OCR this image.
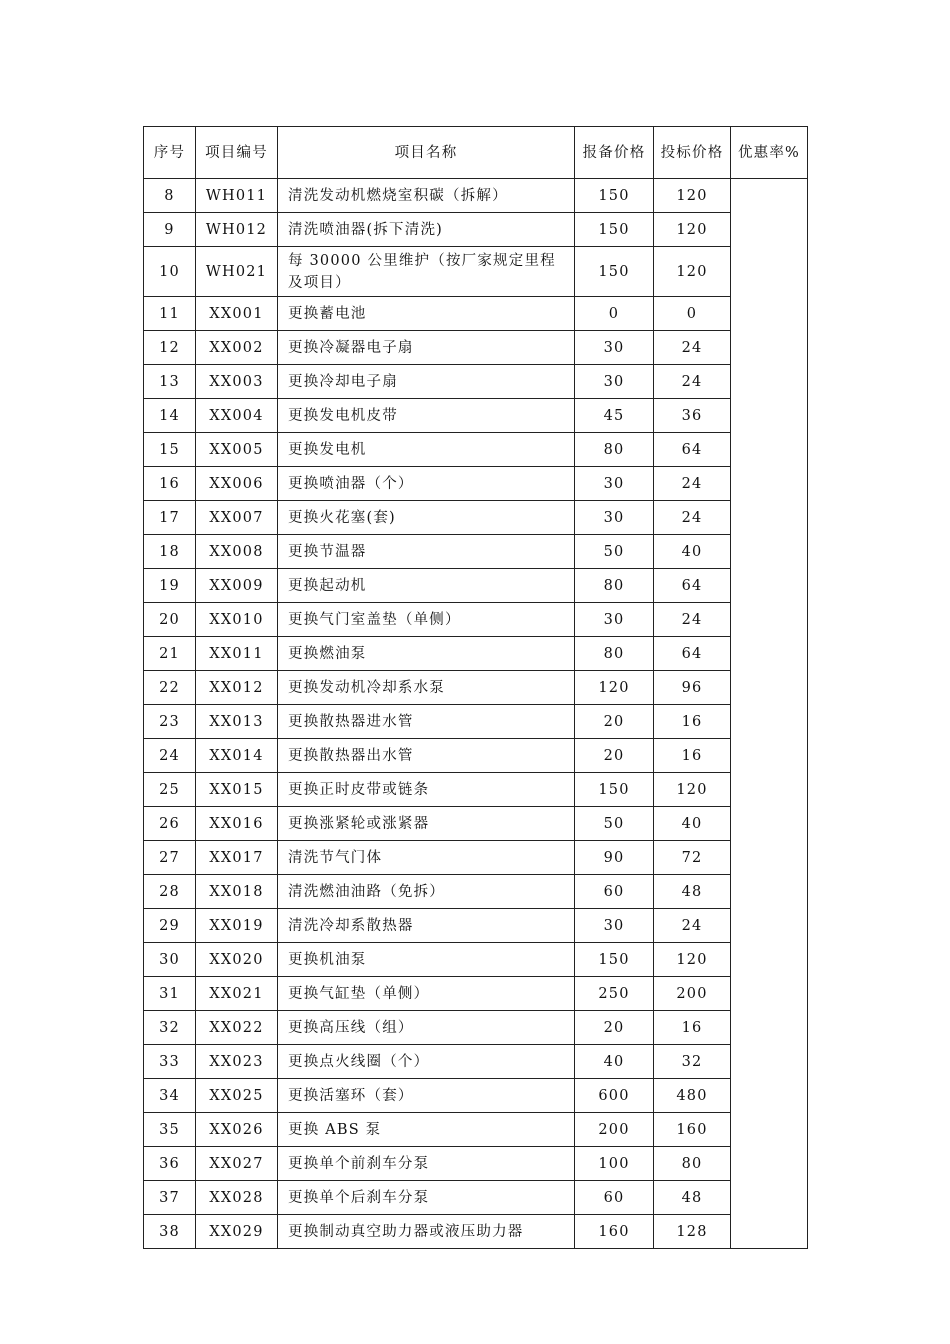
序号	项目编号	项目名称	报备价格	投标价格	优惠率%
8	WH011	清洗发动机燃烧室积碳（拆解）	150	120	
9	WH012	清洗喷油器(拆下清洗)	150	120	
10	WH021	每 30000 公里维护（按厂家规定里程及项目）	150	120	
11	XX001	更换蓄电池	0	0	
12	XX002	更换冷凝器电子扇	30	24	
13	XX003	更换冷却电子扇	30	24	
14	XX004	更换发电机皮带	45	36	
15	XX005	更换发电机	80	64	
16	XX006	更换喷油器（个）	30	24	
17	XX007	更换火花塞(套)	30	24	
18	XX008	更换节温器	50	40	
19	XX009	更换起动机	80	64	
20	XX010	更换气门室盖垫（单侧）	30	24	
21	XX011	更换燃油泵	80	64	
22	XX012	更换发动机冷却系水泵	120	96	
23	XX013	更换散热器进水管	20	16	
24	XX014	更换散热器出水管	20	16	
25	XX015	更换正时皮带或链条	150	120	
26	XX016	更换涨紧轮或涨紧器	50	40	
27	XX017	清洗节气门体	90	72	
28	XX018	清洗燃油油路（免拆）	60	48	
29	XX019	清洗冷却系散热器	30	24	
30	XX020	更换机油泵	150	120	
31	XX021	更换气缸垫（单侧）	250	200	
32	XX022	更换高压线（组）	20	16	
33	XX023	更换点火线圈（个）	40	32	
34	XX025	更换活塞环（套）	600	480	
35	XX026	更换 ABS 泵	200	160	
36	XX027	更换单个前刹车分泵	100	80	
37	XX028	更换单个后刹车分泵	60	48	
38	XX029	更换制动真空助力器或液压助力器	160	128	
